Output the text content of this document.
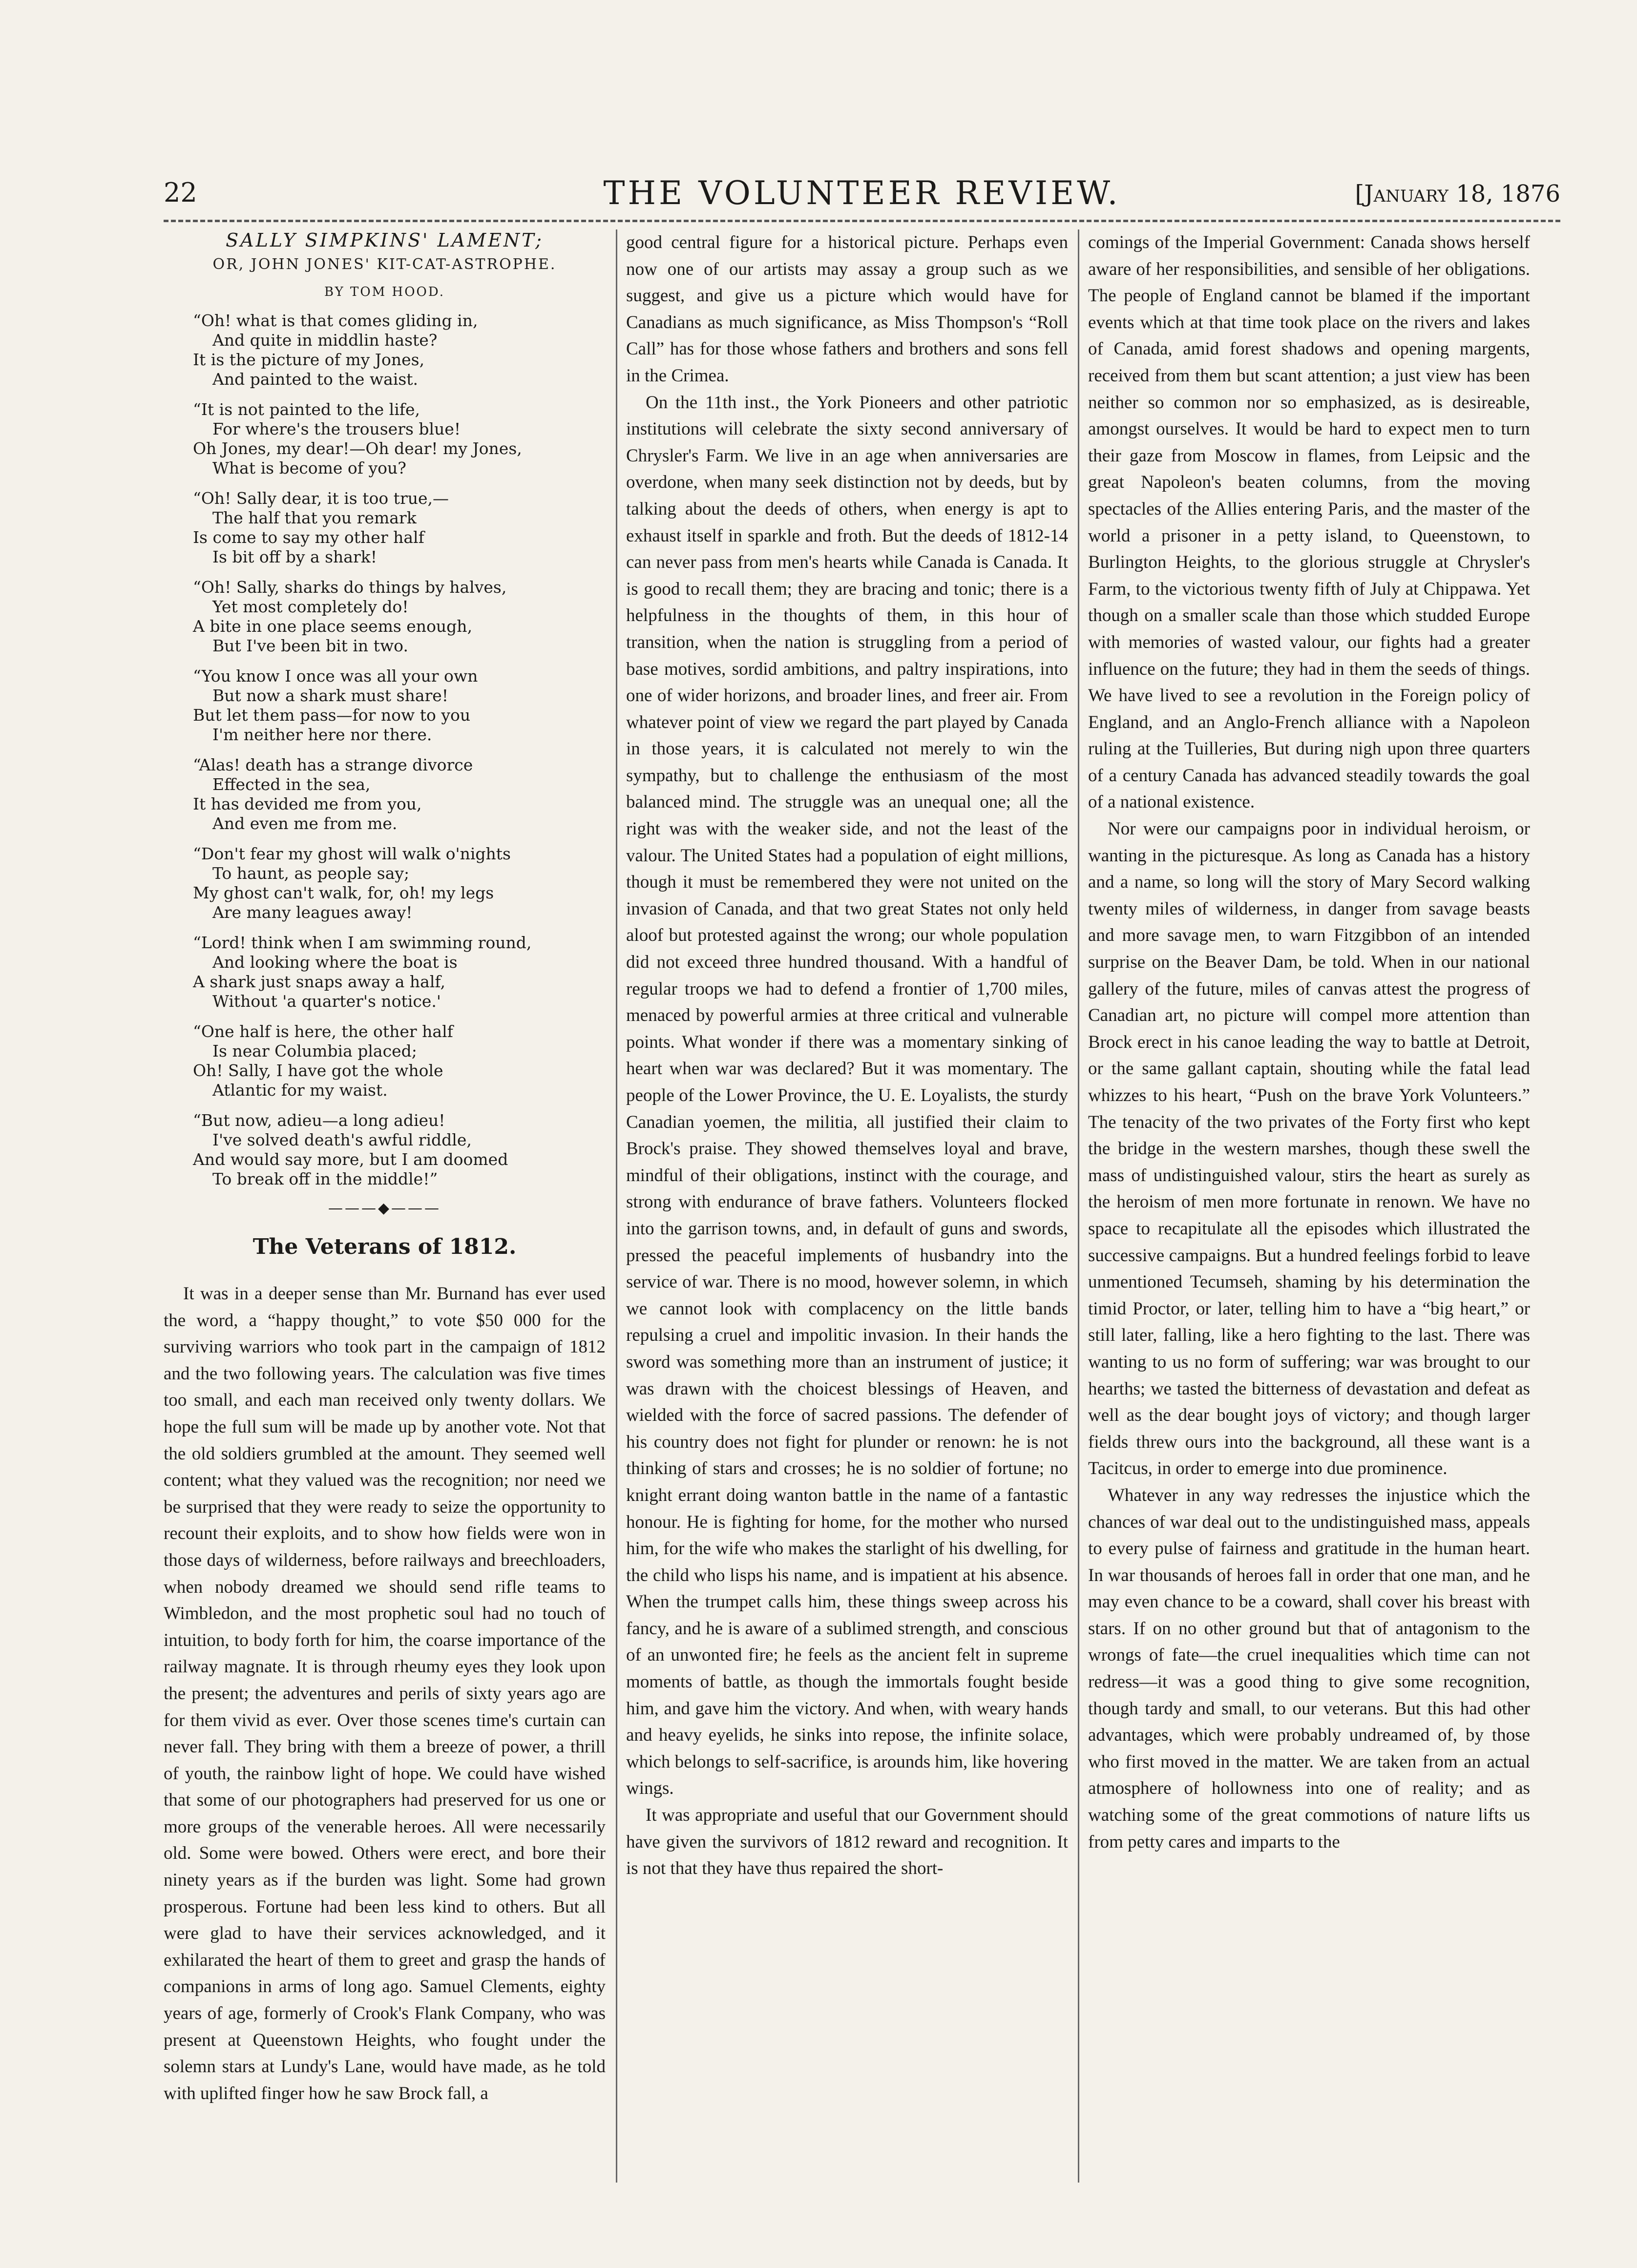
22	THE VOLUNTEER REVIEW.	[January 18, 1876
SALLY SIMPKINS' LAMENT;
OR, JOHN JONES' KIT-CAT-ASTROPHE.
BY TOM HOOD.
“Oh! what is that comes gliding in,
And quite in middlin haste?
It is the picture of my Jones,
And painted to the waist.
“It is not painted to the life,
For where's the trousers blue!
Oh Jones, my dear!—Oh dear! my Jones,
What is become of you?
“Oh! Sally dear, it is too true,—
The half that you remark
Is come to say my other half
Is bit off by a shark!
“Oh! Sally, sharks do things by halves,
Yet most completely do!
A bite in one place seems enough,
But I've been bit in two.
“You know I once was all your own
But now a shark must share!
But let them pass—for now to you
I'm neither here nor there.
“Alas! death has a strange divorce
Effected in the sea,
It has devided me from you,
And even me from me.
“Don't fear my ghost will walk o'nights
To haunt, as people say;
My ghost can't walk, for, oh! my legs
Are many leagues away!
“Lord! think when I am swimming round,
And looking where the boat is
A shark just snaps away a half,
Without 'a quarter's notice.'
“One half is here, the other half
Is near Columbia placed;
Oh! Sally, I have got the whole
Atlantic for my waist.
“But now, adieu—a long adieu!
I've solved death's awful riddle,
And would say more, but I am doomed
To break off in the middle!”
———◆———
The Veterans of 1812.

It was in a deeper sense than Mr. Burnand has ever used the word, a “happy thought,” to vote $50 000 for the surviving warriors who took part in the campaign of 1812 and the two following years. The calculation was five times too small, and each man received only twenty dollars. We hope the full sum will be made up by another vote. Not that the old soldiers grumbled at the amount. They seemed well content; what they valued was the recognition; nor need we be surprised that they were ready to seize the opportunity to recount their exploits, and to show how fields were won in those days of wilderness, before railways and breechloaders, when nobody dreamed we should send rifle teams to Wimbledon, and the most prophetic soul had no touch of intuition, to body forth for him, the coarse importance of the railway magnate. It is through rheumy eyes they look upon the present; the adventures and perils of sixty years ago are for them vivid as ever. Over those scenes time's curtain can never fall. They bring with them a breeze of power, a thrill of youth, the rainbow light of hope. We could have wished that some of our photographers had preserved for us one or more groups of the venerable heroes. All were necessarily old. Some were bowed. Others were erect, and bore their ninety years as if the burden was light. Some had grown prosperous. Fortune had been less kind to others. But all were glad to have their services acknowledged, and it exhilarated the heart of them to greet and grasp the hands of companions in arms of long ago. Samuel Clements, eighty years of age, formerly of Crook's Flank Company, who was present at Queenstown Heights, who fought under the solemn stars at Lundy's Lane, would have made, as he told with uplifted finger how he saw Brock fall, a

good central figure for a historical picture. Perhaps even now one of our artists may assay a group such as we suggest, and give us a picture which would have for Canadians as much significance, as Miss Thompson's “Roll Call” has for those whose fathers and brothers and sons fell in the Crimea.

On the 11th inst., the York Pioneers and other patriotic institutions will celebrate the sixty second anniversary of Chrysler's Farm. We live in an age when anniversaries are overdone, when many seek distinction not by deeds, but by talking about the deeds of others, when energy is apt to exhaust itself in sparkle and froth. But the deeds of 1812-14 can never pass from men's hearts while Canada is Canada. It is good to recall them; they are bracing and tonic; there is a helpfulness in the thoughts of them, in this hour of transition, when the nation is struggling from a period of base motives, sordid ambitions, and paltry inspirations, into one of wider horizons, and broader lines, and freer air. From whatever point of view we regard the part played by Canada in those years, it is calculated not merely to win the sympathy, but to challenge the enthusiasm of the most balanced mind. The struggle was an unequal one; all the right was with the weaker side, and not the least of the valour. The United States had a population of eight millions, though it must be remembered they were not united on the invasion of Canada, and that two great States not only held aloof but protested against the wrong; our whole population did not exceed three hundred thousand. With a handful of regular troops we had to defend a frontier of 1,700 miles, menaced by powerful armies at three critical and vulnerable points. What wonder if there was a momentary sinking of heart when war was declared? But it was momentary. The people of the Lower Province, the U. E. Loyalists, the sturdy Canadian yoemen, the militia, all justified their claim to Brock's praise. They showed themselves loyal and brave, mindful of their obligations, instinct with the courage, and strong with endurance of brave fathers. Volunteers flocked into the garrison towns, and, in default of guns and swords, pressed the peaceful implements of husbandry into the service of war. There is no mood, however solemn, in which we cannot look with complacency on the little bands repulsing a cruel and impolitic invasion. In their hands the sword was something more than an instrument of justice; it was drawn with the choicest blessings of Heaven, and wielded with the force of sacred passions. The defender of his country does not fight for plunder or renown: he is not thinking of stars and crosses; he is no soldier of fortune; no knight errant doing wanton battle in the name of a fantastic honour. He is fighting for home, for the mother who nursed him, for the wife who makes the starlight of his dwelling, for the child who lisps his name, and is impatient at his absence. When the trumpet calls him, these things sweep across his fancy, and he is aware of a sublimed strength, and conscious of an unwonted fire; he feels as the ancient felt in supreme moments of battle, as though the immortals fought beside him, and gave him the victory. And when, with weary hands and heavy eyelids, he sinks into repose, the infinite solace, which belongs to self-sacrifice, is arounds him, like hovering wings.

It was appropriate and useful that our Government should have given the survivors of 1812 reward and recognition. It is not that they have thus repaired the short-

comings of the Imperial Government: Canada shows herself aware of her responsibilities, and sensible of her obligations. The people of England cannot be blamed if the important events which at that time took place on the rivers and lakes of Canada, amid forest shadows and opening margents, received from them but scant attention; a just view has been neither so common nor so emphasized, as is desireable, amongst ourselves. It would be hard to expect men to turn their gaze from Moscow in flames, from Leipsic and the great Napoleon's beaten columns, from the moving spectacles of the Allies entering Paris, and the master of the world a prisoner in a petty island, to Queenstown, to Burlington Heights, to the glorious struggle at Chrysler's Farm, to the victorious twenty fifth of July at Chippawa. Yet though on a smaller scale than those which studded Europe with memories of wasted valour, our fights had a greater influence on the future; they had in them the seeds of things. We have lived to see a revolution in the Foreign policy of England, and an Anglo-French alliance with a Napoleon ruling at the Tuilleries, But during nigh upon three quarters of a century Canada has advanced steadily towards the goal of a national existence.

Nor were our campaigns poor in individual heroism, or wanting in the picturesque. As long as Canada has a history and a name, so long will the story of Mary Secord walking twenty miles of wilderness, in danger from savage beasts and more savage men, to warn Fitzgibbon of an intended surprise on the Beaver Dam, be told. When in our national gallery of the future, miles of canvas attest the progress of Canadian art, no picture will compel more attention than Brock erect in his canoe leading the way to battle at Detroit, or the same gallant captain, shouting while the fatal lead whizzes to his heart, “Push on the brave York Volunteers.” The tenacity of the two privates of the Forty first who kept the bridge in the western marshes, though these swell the mass of undistinguished valour, stirs the heart as surely as the heroism of men more fortunate in renown. We have no space to recapitulate all the episodes which illustrated the successive campaigns. But a hundred feelings forbid to leave unmentioned Tecumseh, shaming by his determination the timid Proctor, or later, telling him to have a “big heart,” or still later, falling, like a hero fighting to the last. There was wanting to us no form of suffering; war was brought to our hearths; we tasted the bitterness of devastation and defeat as well as the dear bought joys of victory; and though larger fields threw ours into the background, all these want is a Tacitcus, in order to emerge into due prominence.

Whatever in any way redresses the injustice which the chances of war deal out to the undistinguished mass, appeals to every pulse of fairness and gratitude in the human heart. In war thousands of heroes fall in order that one man, and he may even chance to be a coward, shall cover his breast with stars. If on no other ground but that of antagonism to the wrongs of fate—the cruel inequalities which time can not redress—it was a good thing to give some recognition, though tardy and small, to our veterans. But this had other advantages, which were probably undreamed of, by those who first moved in the matter. We are taken from an actual atmosphere of hollowness into one of reality; and as watching some of the great commotions of nature lifts us from petty cares and imparts to the
